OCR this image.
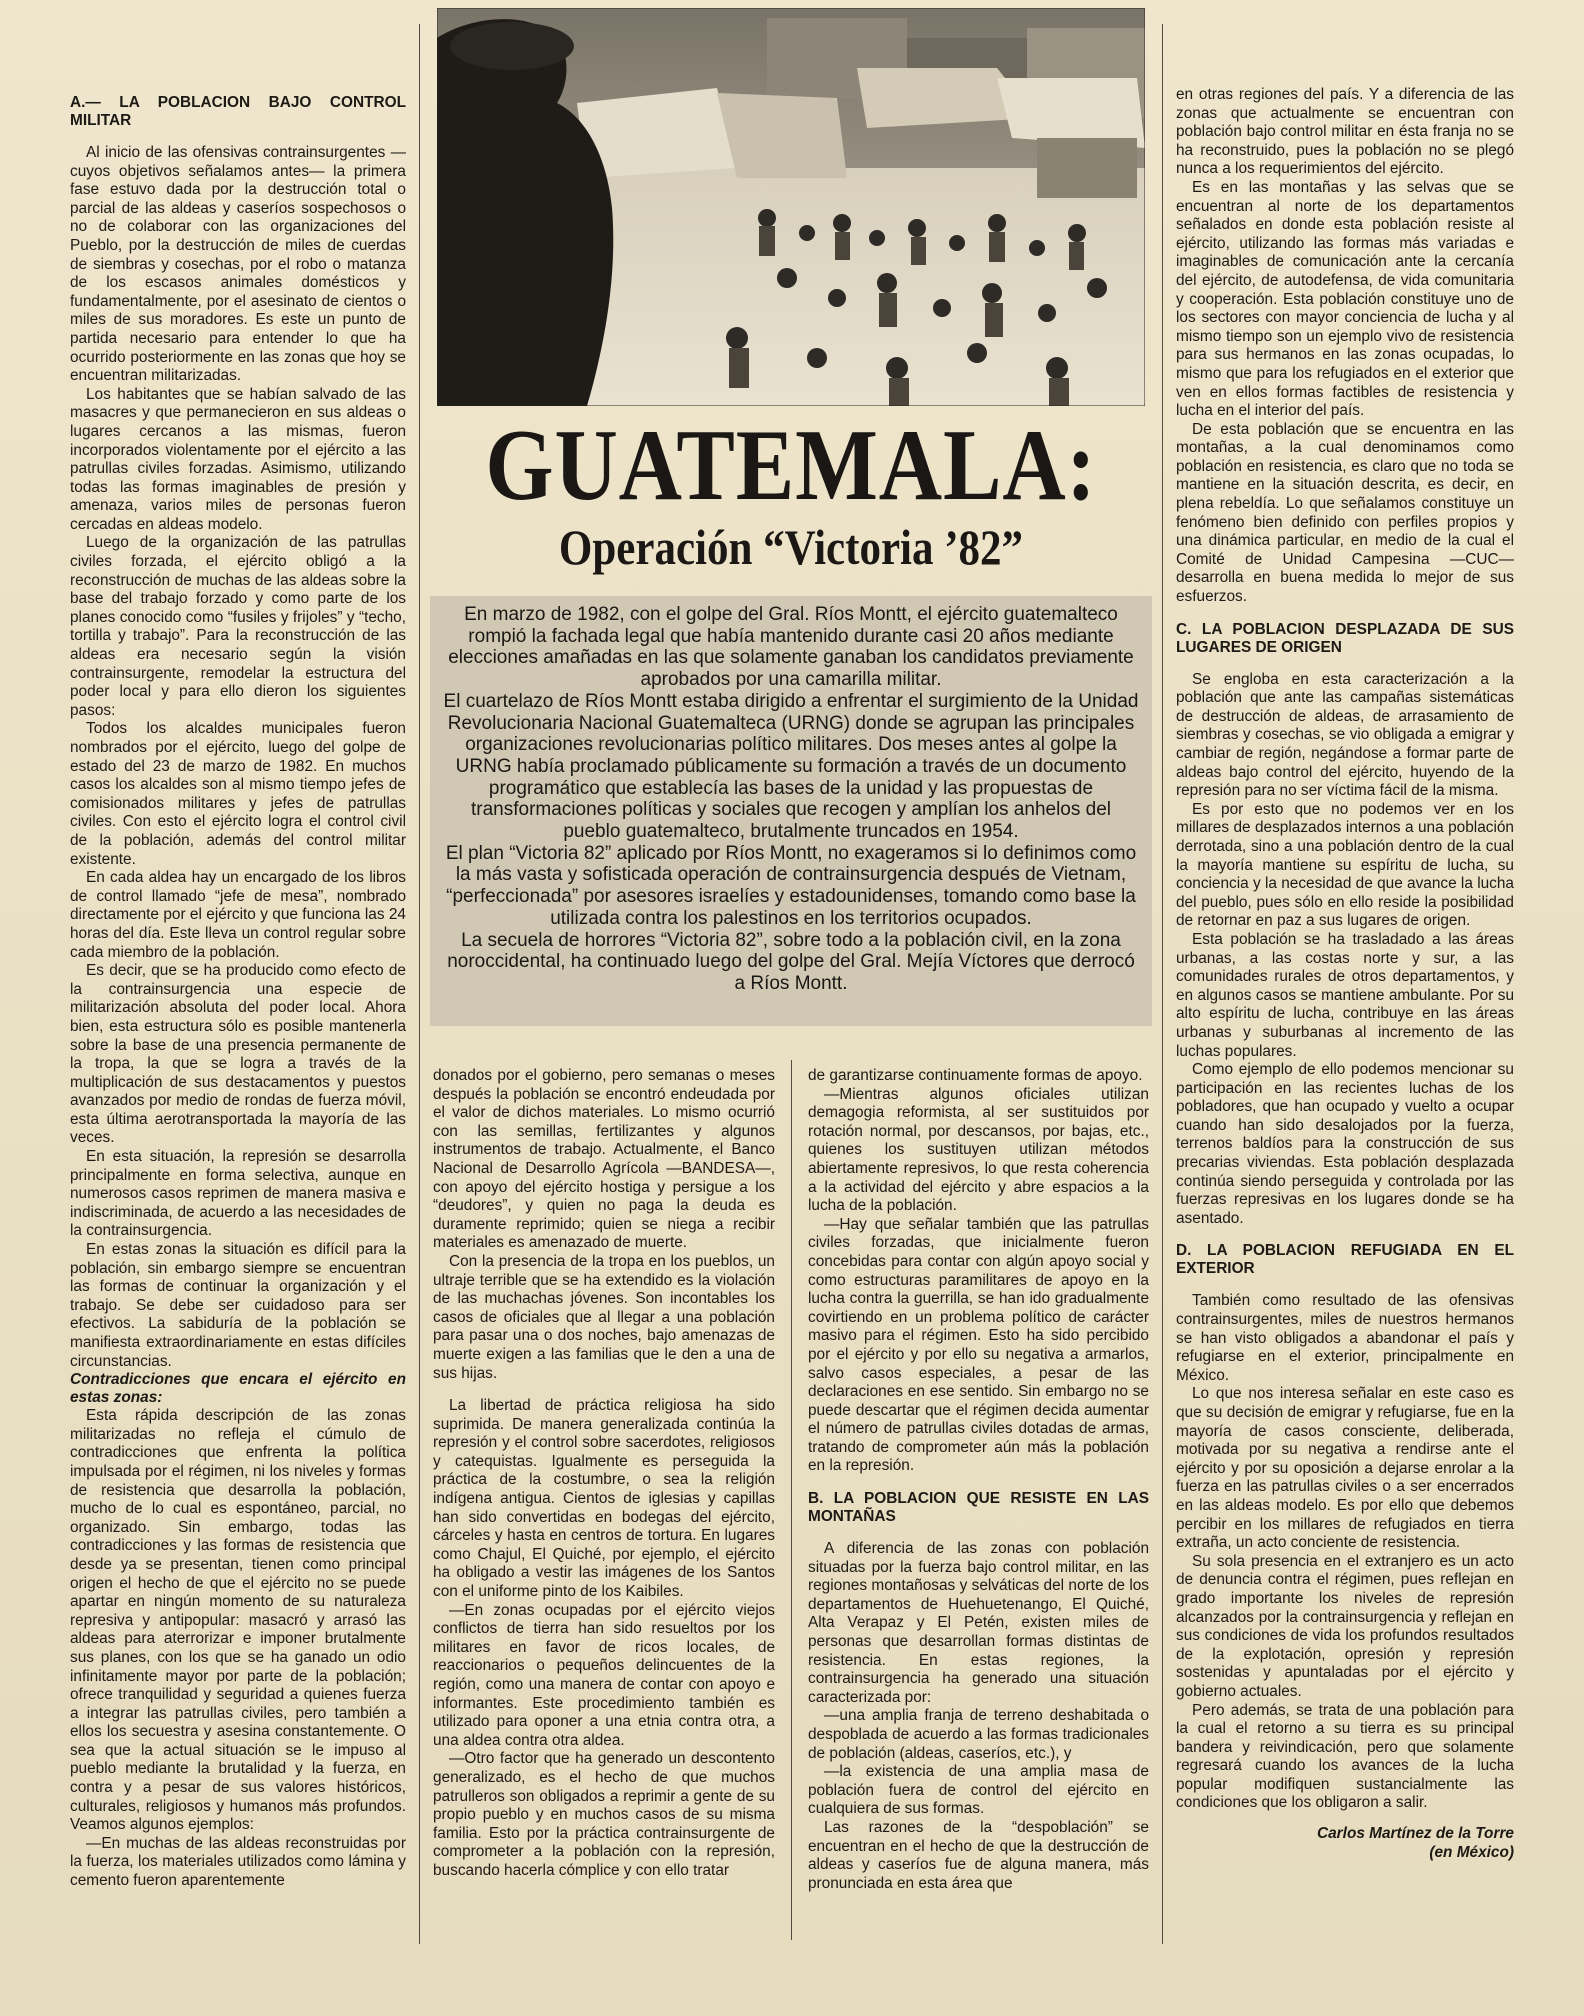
A.— LA POBLACION BAJO CONTROL MILITAR

Al inicio de las ofensivas contrainsurgentes —cuyos objetivos señalamos antes— la primera fase estuvo dada por la destrucción total o parcial de las aldeas y caseríos sospechosos o no de colaborar con las organizaciones del Pueblo, por la destrucción de miles de cuerdas de siembras y cosechas, por el robo o matanza de los escasos animales domésticos y fundamentalmente, por el asesinato de cientos o miles de sus moradores. Es este un punto de partida necesario para entender lo que ha ocurrido posteriormente en las zonas que hoy se encuentran militarizadas.

Los habitantes que se habían salvado de las masacres y que permanecieron en sus aldeas o lugares cercanos a las mismas, fueron incorporados violentamente por el ejército a las patrullas civiles forzadas. Asimismo, utilizando todas las formas imaginables de presión y amenaza, varios miles de personas fueron cercadas en aldeas modelo.

Luego de la organización de las patrullas civiles forzada, el ejército obligó a la reconstrucción de muchas de las aldeas sobre la base del trabajo forzado y como parte de los planes conocido como “fusiles y frijoles” y “techo, tortilla y trabajo”. Para la reconstrucción de las aldeas era necesario según la visión contrainsurgente, remodelar la estructura del poder local y para ello dieron los siguientes pasos:

Todos los alcaldes municipales fueron nombrados por el ejército, luego del golpe de estado del 23 de marzo de 1982. En muchos casos los alcaldes son al mismo tiempo jefes de comisionados militares y jefes de patrullas civiles. Con esto el ejército logra el control civil de la población, además del control militar existente.

En cada aldea hay un encargado de los libros de control llamado “jefe de mesa”, nombrado directamente por el ejército y que funciona las 24 horas del día. Este lleva un control regular sobre cada miembro de la población.

Es decir, que se ha producido como efecto de la contrainsurgencia una especie de militarización absoluta del poder local. Ahora bien, esta estructura sólo es posible mantenerla sobre la base de una presencia permanente de la tropa, la que se logra a través de la multiplicación de sus destacamentos y puestos avanzados por medio de rondas de fuerza móvil, esta última aerotransportada la mayoría de las veces.

En esta situación, la represión se desarrolla principalmente en forma selectiva, aunque en numerosos casos reprimen de manera masiva e indiscriminada, de acuerdo a las necesidades de la contrainsurgencia.

En estas zonas la situación es difícil para la población, sin embargo siempre se encuentran las formas de continuar la organización y el trabajo. Se debe ser cuidadoso para ser efectivos. La sabiduría de la población se manifiesta extraordinariamente en estas difíciles circunstancias.

Contradicciones que encara el ejército en estas zonas:

Esta rápida descripción de las zonas militarizadas no refleja el cúmulo de contradicciones que enfrenta la política impulsada por el régimen, ni los niveles y formas de resistencia que desarrolla la población, mucho de lo cual es espontáneo, parcial, no organizado. Sin embargo, todas las contradicciones y las formas de resistencia que desde ya se presentan, tienen como principal origen el hecho de que el ejército no se puede apartar en ningún momento de su naturaleza represiva y antipopular: masacró y arrasó las aldeas para aterrorizar e imponer brutalmente sus planes, con los que se ha ganado un odio infinitamente mayor por parte de la población; ofrece tranquilidad y seguridad a quienes fuerza a integrar las patrullas civiles, pero también a ellos los secuestra y asesina constantemente. O sea que la actual situación se le impuso al pueblo mediante la brutalidad y la fuerza, en contra y a pesar de sus valores históricos, culturales, religiosos y humanos más profundos. Veamos algunos ejemplos:

—En muchas de las aldeas reconstruidas por la fuerza, los materiales utilizados como lámina y cemento fueron aparentemente

GUATEMALA:
Operación “Victoria ’82”

En marzo de 1982, con el golpe del Gral. Ríos Montt, el ejército guatemalteco rompió la fachada legal que había mantenido durante casi 20 años mediante elecciones amañadas en las que solamente ganaban los candidatos previamente aprobados por una camarilla militar.

El cuartelazo de Ríos Montt estaba dirigido a enfrentar el surgimiento de la Unidad Revolucionaria Nacional Guatemalteca (URNG) donde se agrupan las principales organizaciones revolucionarias político militares. Dos meses antes al golpe la URNG había proclamado públicamente su formación a través de un documento programático que establecía las bases de la unidad y las propuestas de transformaciones políticas y sociales que recogen y amplían los anhelos del pueblo guatemalteco, brutalmente truncados en 1954.

El plan “Victoria 82” aplicado por Ríos Montt, no exageramos si lo definimos como la más vasta y sofisticada operación de contrainsurgencia después de Vietnam, “perfeccionada” por asesores israelíes y estadounidenses, tomando como base la utilizada contra los palestinos en los territorios ocupados.

La secuela de horrores “Victoria 82”, sobre todo a la población civil, en la zona noroccidental, ha continuado luego del golpe del Gral. Mejía Víctores que derrocó a Ríos Montt.

donados por el gobierno, pero semanas o meses después la población se encontró endeudada por el valor de dichos materiales. Lo mismo ocurrió con las semillas, fertilizantes y algunos instrumentos de trabajo. Actualmente, el Banco Nacional de Desarrollo Agrícola —BANDESA—, con apoyo del ejército hostiga y persigue a los “deudores”, y quien no paga la deuda es duramente reprimido; quien se niega a recibir materiales es amenazado de muerte.

Con la presencia de la tropa en los pueblos, un ultraje terrible que se ha extendido es la violación de las muchachas jóvenes. Son incontables los casos de oficiales que al llegar a una población para pasar una o dos noches, bajo amenazas de muerte exigen a las familias que le den a una de sus hijas.

La libertad de práctica religiosa ha sido suprimida. De manera generalizada continúa la represión y el control sobre sacerdotes, religiosos y catequistas. Igualmente es perseguida la práctica de la costumbre, o sea la religión indígena antigua. Cientos de iglesias y capillas han sido convertidas en bodegas del ejército, cárceles y hasta en centros de tortura. En lugares como Chajul, El Quiché, por ejemplo, el ejército ha obligado a vestir las imágenes de los Santos con el uniforme pinto de los Kaibiles.

—En zonas ocupadas por el ejército viejos conflictos de tierra han sido resueltos por los militares en favor de ricos locales, de reaccionarios o pequeños delincuentes de la región, como una manera de contar con apoyo e informantes. Este procedimiento también es utilizado para oponer a una etnia contra otra, a una aldea contra otra aldea.

—Otro factor que ha generado un descontento generalizado, es el hecho de que muchos patrulleros son obligados a reprimir a gente de su propio pueblo y en muchos casos de su misma familia. Esto por la práctica contrainsurgente de comprometer a la población con la represión, buscando hacerla cómplice y con ello tratar

de garantizarse continuamente formas de apoyo.

—Mientras algunos oficiales utilizan demagogia reformista, al ser sustituidos por rotación normal, por descansos, por bajas, etc., quienes los sustituyen utilizan métodos abiertamente represivos, lo que resta coherencia a la actividad del ejército y abre espacios a la lucha de la población.

—Hay que señalar también que las patrullas civiles forzadas, que inicialmente fueron concebidas para contar con algún apoyo social y como estructuras paramilitares de apoyo en la lucha contra la guerrilla, se han ido gradualmente covirtiendo en un problema político de carácter masivo para el régimen. Esto ha sido percibido por el ejército y por ello su negativa a armarlos, salvo casos especiales, a pesar de las declaraciones en ese sentido. Sin embargo no se puede descartar que el régimen decida aumentar el número de patrullas civiles dotadas de armas, tratando de comprometer aún más la población en la represión.

B. LA POBLACION QUE RESISTE EN LAS MONTAÑAS

A diferencia de las zonas con población situadas por la fuerza bajo control militar, en las regiones montañosas y selváticas del norte de los departamentos de Huehuetenango, El Quiché, Alta Verapaz y El Petén, existen miles de personas que desarrollan formas distintas de resistencia. En estas regiones, la contrainsurgencia ha generado una situación caracterizada por:

—una amplia franja de terreno deshabitada o despoblada de acuerdo a las formas tradicionales de población (aldeas, caseríos, etc.), y

—la existencia de una amplia masa de población fuera de control del ejército en cualquiera de sus formas.

Las razones de la “despoblación” se encuentran en el hecho de que la destrucción de aldeas y caseríos fue de alguna manera, más pronunciada en esta área que

en otras regiones del país. Y a diferencia de las zonas que actualmente se encuentran con población bajo control militar en ésta franja no se ha reconstruido, pues la población no se plegó nunca a los requerimientos del ejército.

Es en las montañas y las selvas que se encuentran al norte de los departamentos señalados en donde esta población resiste al ejército, utilizando las formas más variadas e imaginables de comunicación ante la cercanía del ejército, de autodefensa, de vida comunitaria y cooperación. Esta población constituye uno de los sectores con mayor conciencia de lucha y al mismo tiempo son un ejemplo vivo de resistencia para sus hermanos en las zonas ocupadas, lo mismo que para los refugiados en el exterior que ven en ellos formas factibles de resistencia y lucha en el interior del país.

De esta población que se encuentra en las montañas, a la cual denominamos como población en resistencia, es claro que no toda se mantiene en la situación descrita, es decir, en plena rebeldía. Lo que señalamos constituye un fenómeno bien definido con perfiles propios y una dinámica particular, en medio de la cual el Comité de Unidad Campesina —CUC— desarrolla en buena medida lo mejor de sus esfuerzos.

C. LA POBLACION DESPLAZADA DE SUS LUGARES DE ORIGEN

Se engloba en esta caracterización a la población que ante las campañas sistemáticas de destrucción de aldeas, de arrasamiento de siembras y cosechas, se vio obligada a emigrar y cambiar de región, negándose a formar parte de aldeas bajo control del ejército, huyendo de la represión para no ser víctima fácil de la misma.

Es por esto que no podemos ver en los millares de desplazados internos a una población derrotada, sino a una población dentro de la cual la mayoría mantiene su espíritu de lucha, su conciencia y la necesidad de que avance la lucha del pueblo, pues sólo en ello reside la posibilidad de retornar en paz a sus lugares de origen.

Esta población se ha trasladado a las áreas urbanas, a las costas norte y sur, a las comunidades rurales de otros departamentos, y en algunos casos se mantiene ambulante. Por su alto espíritu de lucha, contribuye en las áreas urbanas y suburbanas al incremento de las luchas populares.

Como ejemplo de ello podemos mencionar su participación en las recientes luchas de los pobladores, que han ocupado y vuelto a ocupar cuando han sido desalojados por la fuerza, terrenos baldíos para la construcción de sus precarias viviendas. Esta población desplazada continúa siendo perseguida y controlada por las fuerzas represivas en los lugares donde se ha asentado.

D. LA POBLACION REFUGIADA EN EL EXTERIOR

También como resultado de las ofensivas contrainsurgentes, miles de nuestros hermanos se han visto obligados a abandonar el país y refugiarse en el exterior, principalmente en México.

Lo que nos interesa señalar en este caso es que su decisión de emigrar y refugiarse, fue en la mayoría de casos consciente, deliberada, motivada por su negativa a rendirse ante el ejército y por su oposición a dejarse enrolar a la fuerza en las patrullas civiles o a ser encerrados en las aldeas modelo. Es por ello que debemos percibir en los millares de refugiados en tierra extraña, un acto conciente de resistencia.

Su sola presencia en el extranjero es un acto de denuncia contra el régimen, pues reflejan en grado importante los niveles de represión alcanzados por la contrainsurgencia y reflejan en sus condiciones de vida los profundos resultados de la explotación, opresión y represión sostenidas y apuntaladas por el ejército y gobierno actuales.

Pero además, se trata de una población para la cual el retorno a su tierra es su principal bandera y reivindicación, pero que solamente regresará cuando los avances de la lucha popular modifiquen sustancialmente las condiciones que los obligaron a salir.

Carlos Martínez de la Torre
(en México)
